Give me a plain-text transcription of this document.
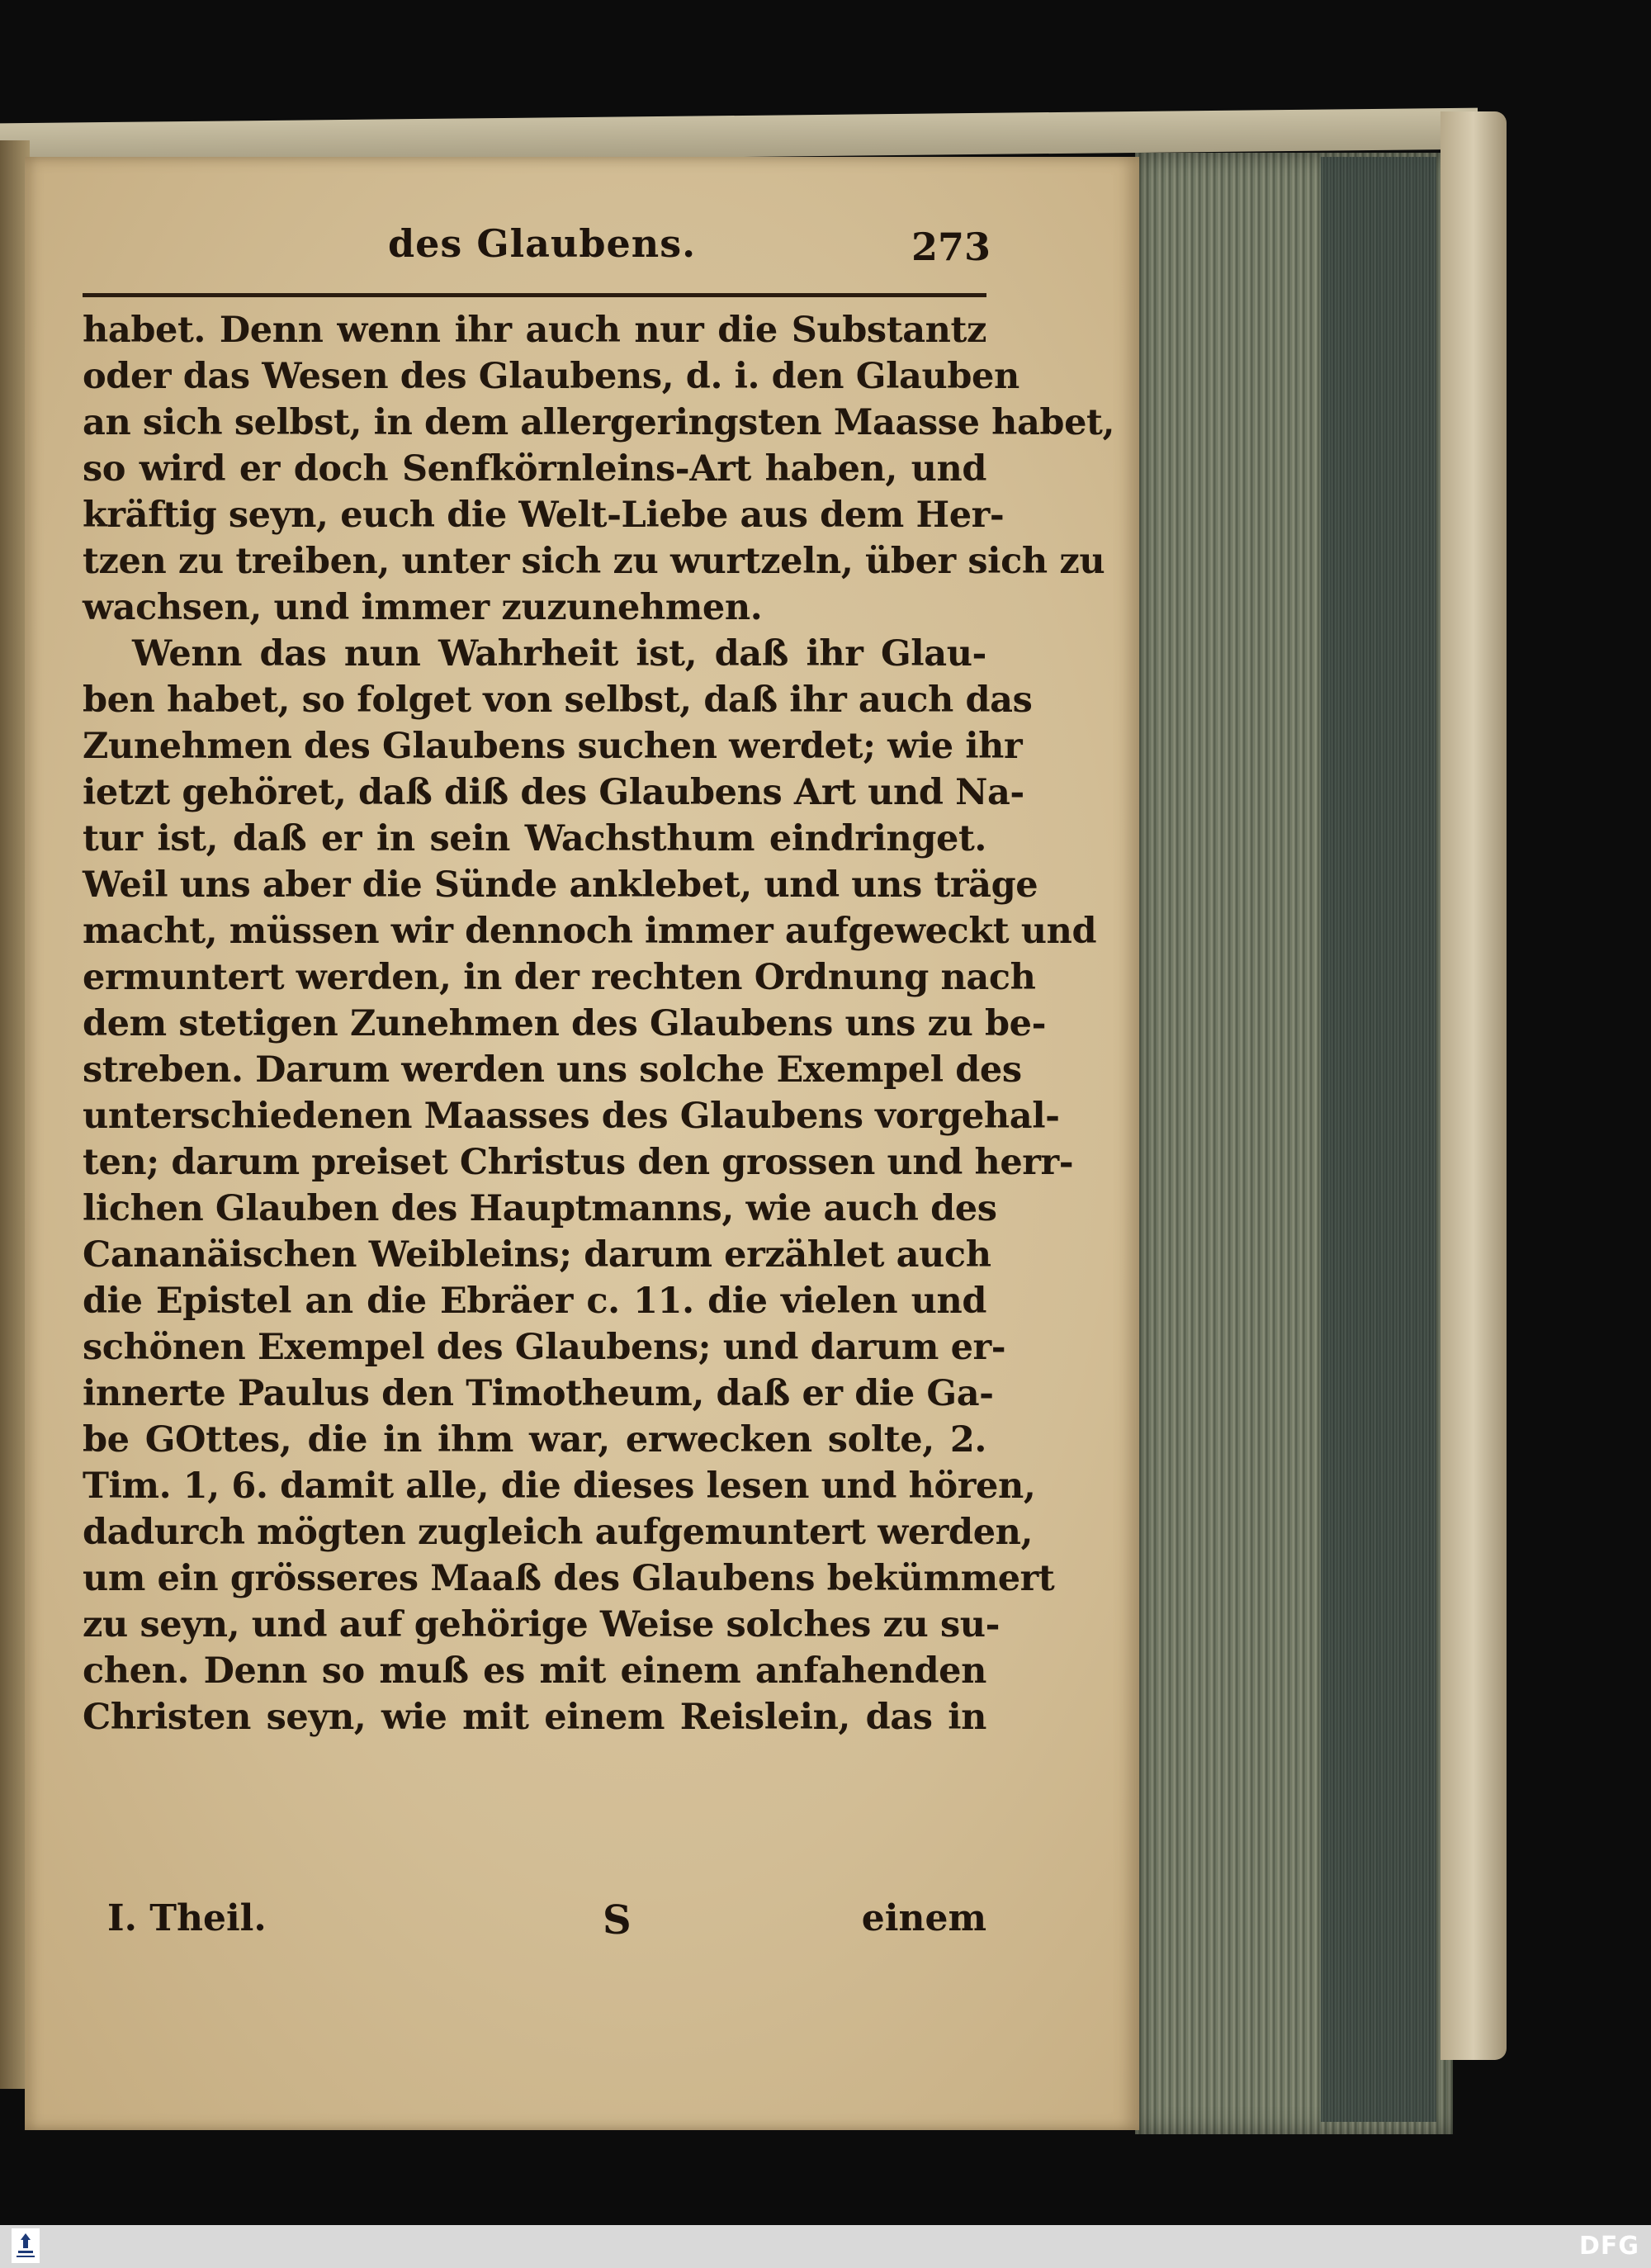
des Glaubens.	273
habet. Denn wenn ihr auch nur die Substantz
oder das Wesen des Glaubens, d. i. den Glauben
an sich selbst, in dem allergeringsten Maasse habet,
so wird er doch Senfkörnleins-Art haben, und
kräftig seyn, euch die Welt-Liebe aus dem Her-
tzen zu treiben, unter sich zu wurtzeln, über sich zu
wachsen, und immer zuzunehmen.
Wenn das nun Wahrheit ist, daß ihr Glau-
ben habet, so folget von selbst, daß ihr auch das
Zunehmen des Glaubens suchen werdet; wie ihr
ietzt gehöret, daß diß des Glaubens Art und Na-
tur ist, daß er in sein Wachsthum eindringet.
Weil uns aber die Sünde anklebet, und uns träge
macht, müssen wir dennoch immer aufgeweckt und
ermuntert werden, in der rechten Ordnung nach
dem stetigen Zunehmen des Glaubens uns zu be-
streben. Darum werden uns solche Exempel des
unterschiedenen Maasses des Glaubens vorgehal-
ten; darum preiset Christus den grossen und herr-
lichen Glauben des Hauptmanns, wie auch des
Cananäischen Weibleins; darum erzählet auch
die Epistel an die Ebräer c. 11. die vielen und
schönen Exempel des Glaubens; und darum er-
innerte Paulus den Timotheum, daß er die Ga-
be GOttes, die in ihm war, erwecken solte, 2.
Tim. 1, 6. damit alle, die dieses lesen und hören,
dadurch mögten zugleich aufgemuntert werden,
um ein grösseres Maaß des Glaubens bekümmert
zu seyn, und auf gehörige Weise solches zu su-
chen. Denn so muß es mit einem anfahenden
Christen seyn, wie mit einem Reislein, das in
I. Theil.	S	einem
DFG
